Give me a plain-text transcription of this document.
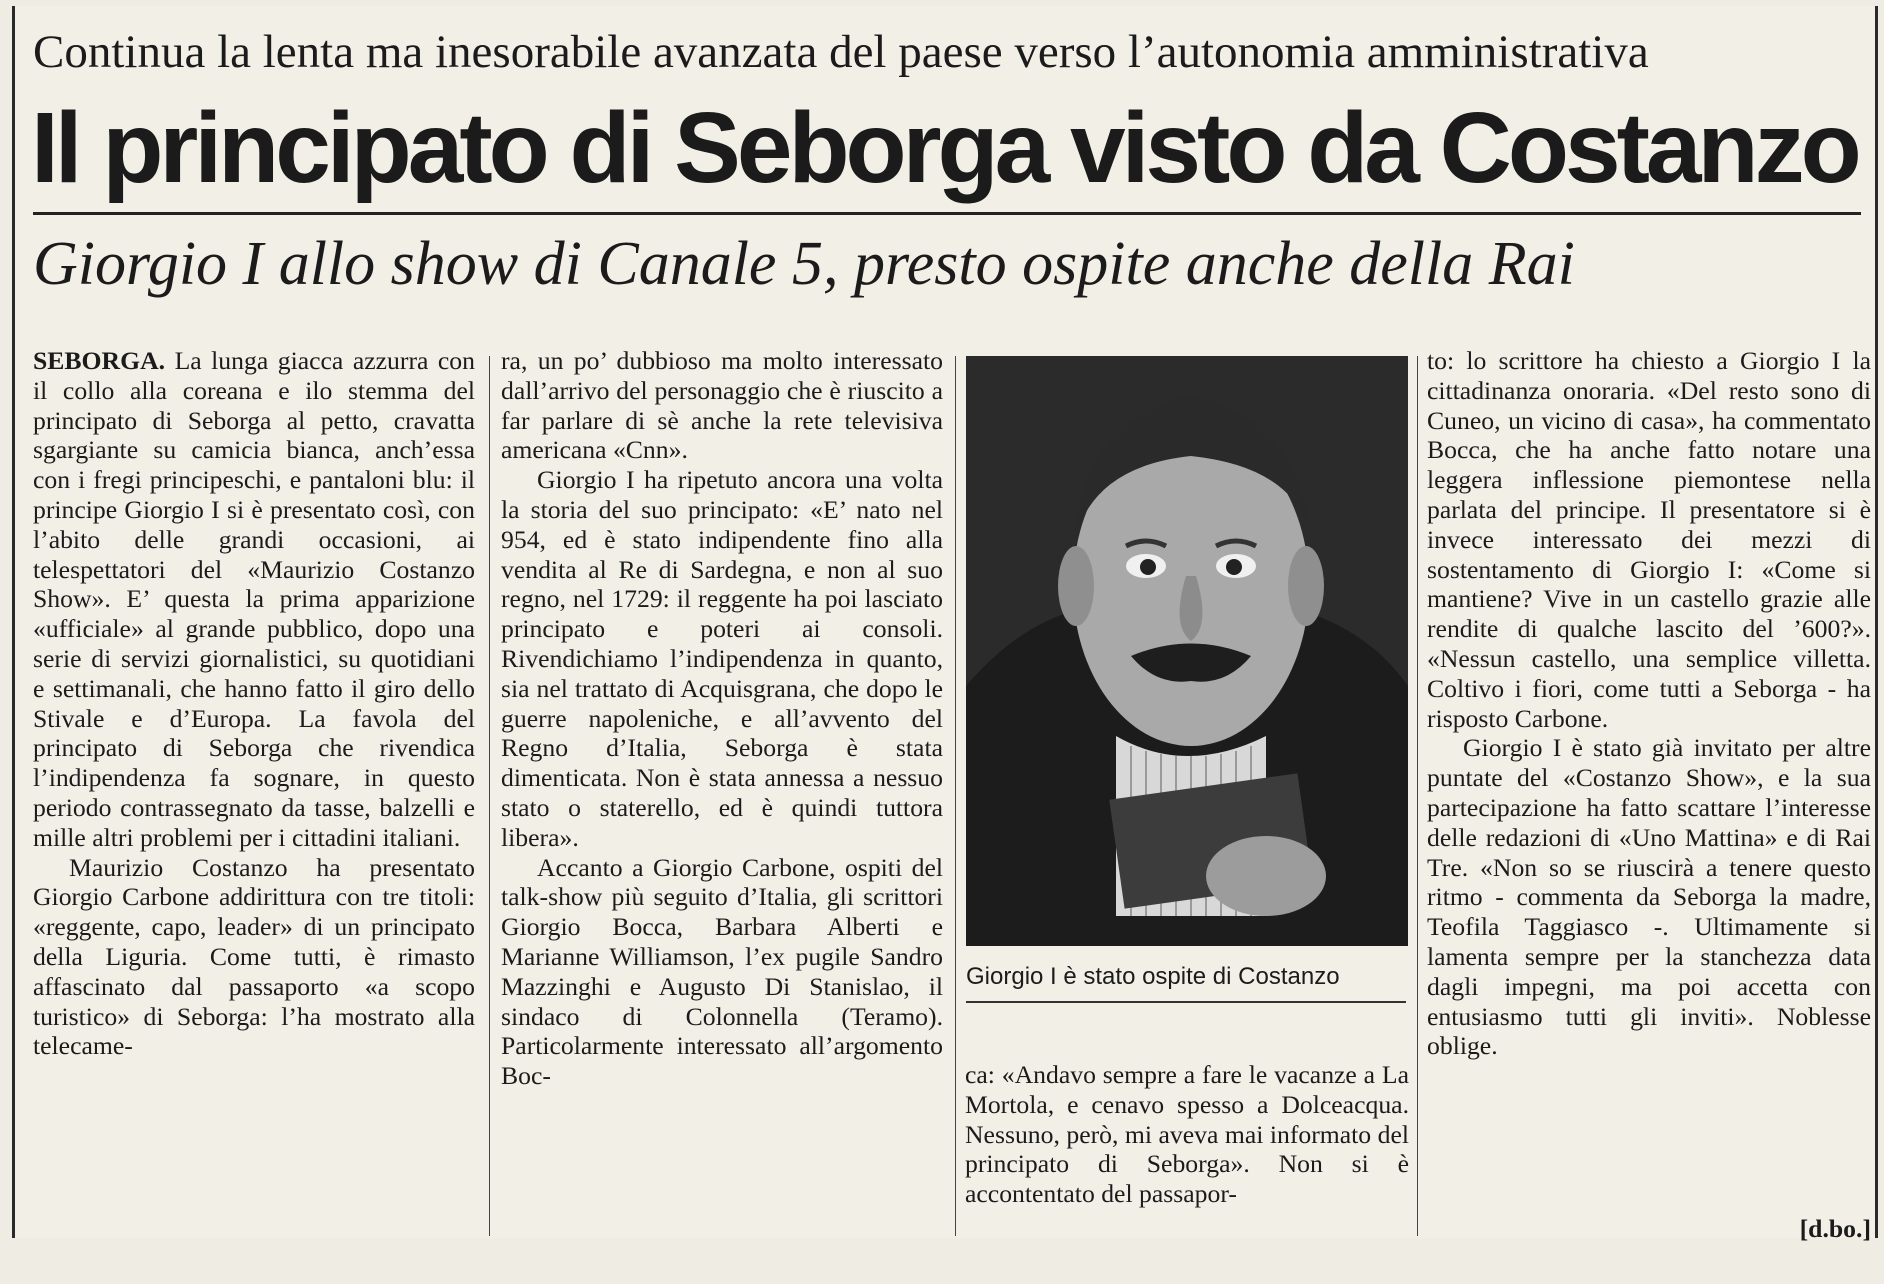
Continua la lenta ma inesorabile avanzata del paese verso l’autonomia amministrativa
Il principato di Seborga visto da Costanzo
Giorgio I allo show di Canale 5, presto ospite anche della Rai

SEBORGA. La lunga giacca azzurra con il collo alla coreana e ilo stemma del principato di Seborga al petto, cravatta sgargiante su camicia bianca, anch’essa con i fregi principeschi, e pantaloni blu: il principe Giorgio I si è presentato così, con l’abito delle grandi occasioni, ai telespettatori del «Maurizio Costanzo Show». E’ questa la prima apparizione «ufficiale» al grande pubblico, dopo una serie di servizi giornalistici, su quotidiani e settimanali, che hanno fatto il giro dello Stivale e d’Europa. La favola del principato di Seborga che rivendica l’indipendenza fa sognare, in questo periodo contrassegnato da tasse, balzelli e mille altri problemi per i cittadini italiani.

Maurizio Costanzo ha presentato Giorgio Carbone addirittura con tre titoli: «reggente, capo, leader» di un principato della Liguria. Come tutti, è rimasto affascinato dal passaporto «a scopo turistico» di Seborga: l’ha mostrato alla telecame-

ra, un po’ dubbioso ma molto interessato dall’arrivo del personaggio che è riuscito a far parlare di sè anche la rete televisiva americana «Cnn».

Giorgio I ha ripetuto ancora una volta la storia del suo principato: «E’ nato nel 954, ed è stato indipendente fino alla vendita al Re di Sardegna, e non al suo regno, nel 1729: il reggente ha poi lasciato principato e poteri ai consoli. Rivendichiamo l’indipendenza in quanto, sia nel trattato di Acquisgrana, che dopo le guerre napoleniche, e all’avvento del Regno d’Italia, Seborga è stata dimenticata. Non è stata annessa a nessuo stato o staterello, ed è quindi tuttora libera».

Accanto a Giorgio Carbone, ospiti del talk-show più seguito d’Italia, gli scrittori Giorgio Bocca, Barbara Alberti e Marianne Williamson, l’ex pugile Sandro Mazzinghi e Augusto Di Stanislao, il sindaco di Colonnella (Teramo). Particolarmente interessato all’argomento Boc-

Giorgio I è stato ospite di Costanzo

ca: «Andavo sempre a fare le vacanze a La Mortola, e cenavo spesso a Dolceacqua. Nessuno, però, mi aveva mai informato del principato di Seborga». Non si è accontentato del passapor-

to: lo scrittore ha chiesto a Giorgio I la cittadinanza onoraria. «Del resto sono di Cuneo, un vicino di casa», ha commentato Bocca, che ha anche fatto notare una leggera inflessione piemontese nella parlata del principe. Il presentatore si è invece interessato dei mezzi di sostentamento di Giorgio I: «Come si mantiene? Vive in un castello grazie alle rendite di qualche lascito del ’600?». «Nessun castello, una semplice villetta. Coltivo i fiori, come tutti a Seborga - ha risposto Carbone.

Giorgio I è stato già invitato per altre puntate del «Costanzo Show», e la sua partecipazione ha fatto scattare l’interesse delle redazioni di «Uno Mattina» e di Rai Tre. «Non so se riuscirà a tenere questo ritmo - commenta da Seborga la madre, Teofila Taggiasco -. Ultimamente si lamenta sempre per la stanchezza data dagli impegni, ma poi accetta con entusiasmo tutti gli inviti». Noblesse oblige.

[d.bo.]
